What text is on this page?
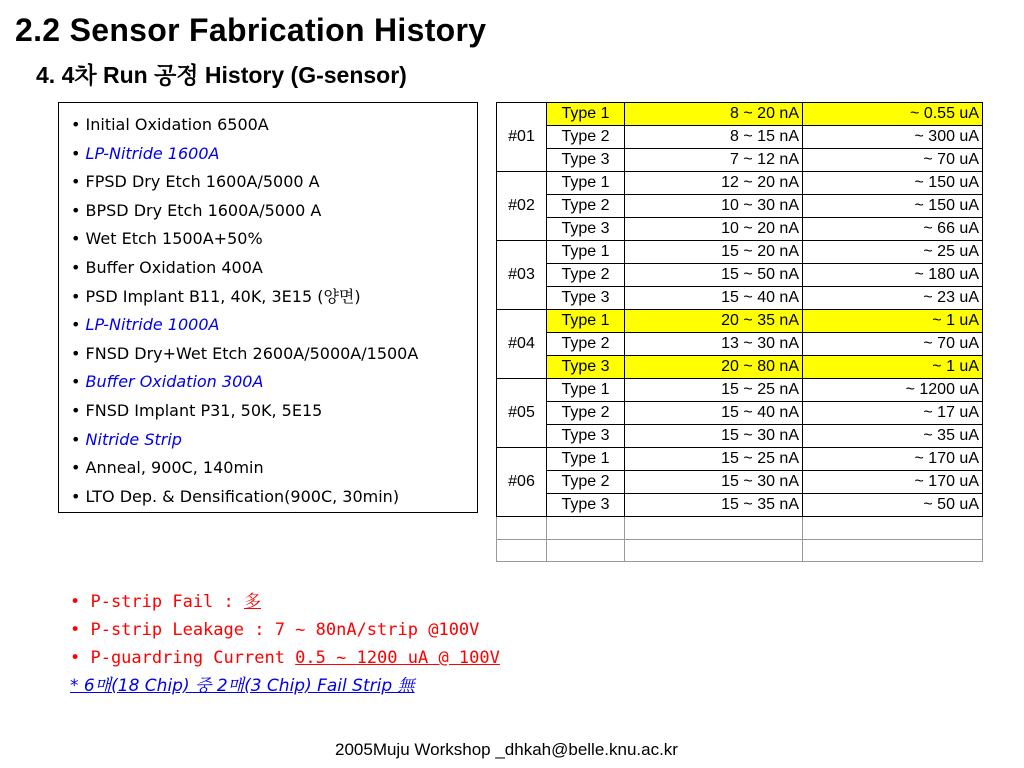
2.2 Sensor Fabrication History
4. 4차 Run 공정 History (G-sensor)
• Initial Oxidation 6500A
• LP-Nitride 1600A
• FPSD Dry Etch 1600A/5000 A
• BPSD Dry Etch 1600A/5000 A
• Wet Etch 1500A+50%
• Buffer Oxidation 400A
• PSD Implant B11, 40K, 3E15 (양면)
• LP-Nitride 1000A
• FNSD Dry+Wet Etch 2600A/5000A/1500A
• Buffer Oxidation 300A
• FNSD Implant P31, 50K, 5E15
• Nitride Strip
• Anneal, 900C, 140min
• LTO Dep. & Densification(900C, 30min)
#01	Type 1	8 ~ 20 nA	~ 0.55 uA
	Type 2	8 ~ 15 nA	~ 300 uA
	Type 3	7 ~ 12 nA	~ 70 uA
#02	Type 1	12 ~ 20 nA	~ 150 uA
	Type 2	10 ~ 30 nA	~ 150 uA
	Type 3	10 ~ 20 nA	~ 66 uA
#03	Type 1	15 ~ 20 nA	~ 25 uA
	Type 2	15 ~ 50 nA	~ 180 uA
	Type 3	15 ~ 40 nA	~ 23 uA
#04	Type 1	20 ~ 35 nA	~ 1 uA
	Type 2	13 ~ 30 nA	~ 70 uA
	Type 3	20 ~ 80 nA	~ 1 uA
#05	Type 1	15 ~ 25 nA	~ 1200 uA
	Type 2	15 ~ 40 nA	~ 17 uA
	Type 3	15 ~ 30 nA	~ 35 uA
#06	Type 1	15 ~ 25 nA	~ 170 uA
	Type 2	15 ~ 30 nA	~ 170 uA
	Type 3	15 ~ 35 nA	~ 50 uA

• P-strip Fail : 多
• P-strip Leakage : 7 ~ 80nA/strip @100V
• P-guardring Current 0.5 ~ 1200 uA @ 100V
* 6매(18 Chip) 중 2매(3 Chip) Fail Strip 無
2005Muju Workshop _dhkah@belle.knu.ac.kr
